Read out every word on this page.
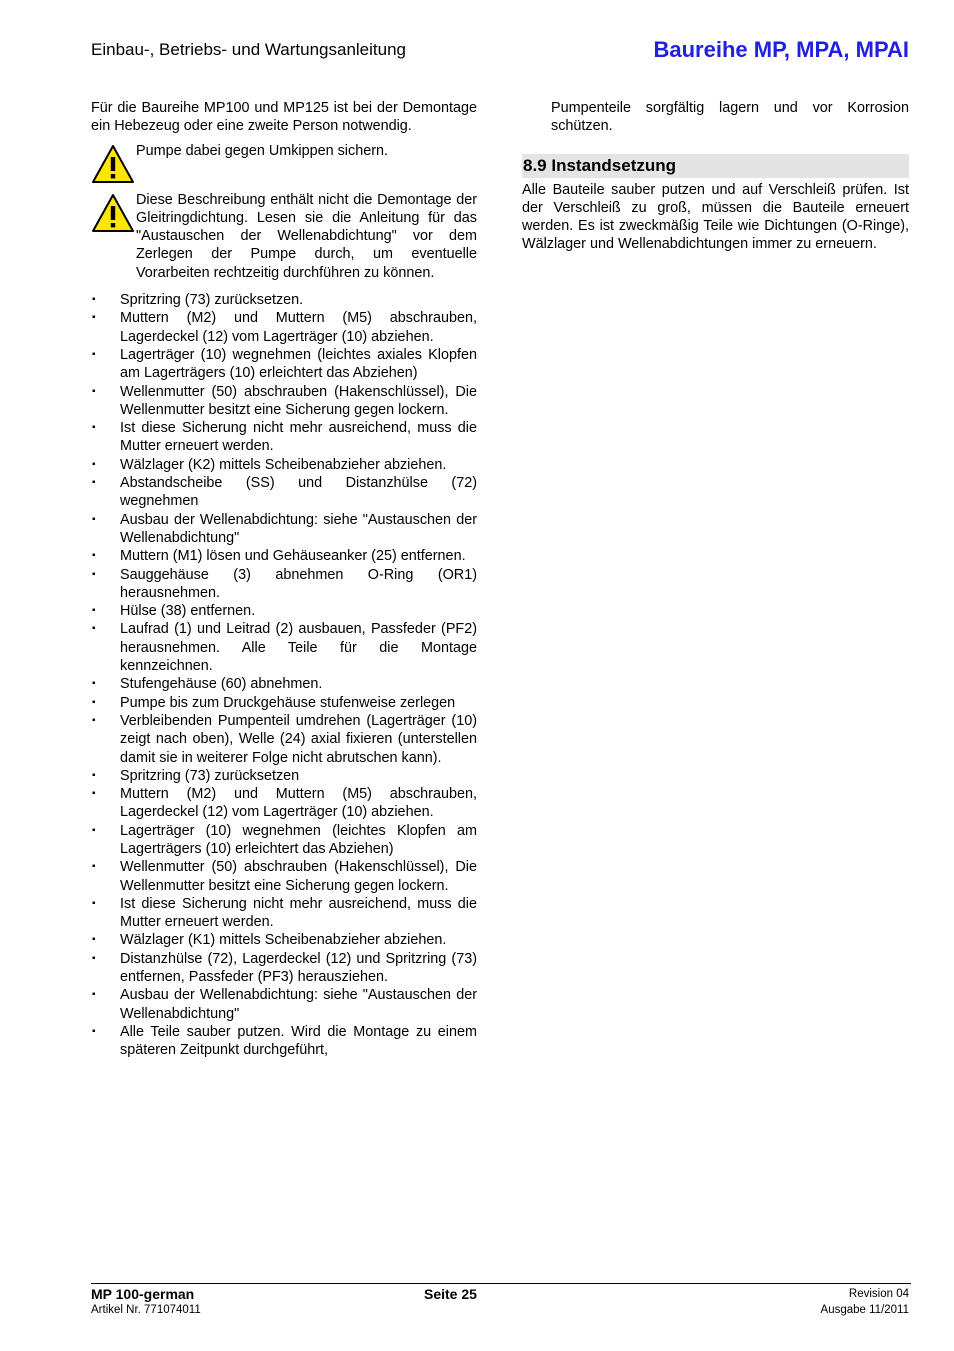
Einbau-, Betriebs- und Wartungsanleitung	Baureihe MP, MPA, MPAI

Für die Baureihe MP100 und MP125 ist bei der Demontage ein Hebezeug oder eine zweite Person notwendig.

Pumpe dabei gegen Umkippen sichern.

Diese Beschreibung enthält nicht die Demontage der Gleitringdichtung. Lesen sie die Anleitung für das "Austauschen der Wellenabdichtung" vor dem Zerlegen der Pumpe durch, um eventuelle Vorarbeiten rechtzeitig durchführen zu können.

▪ Spritzring (73) zurücksetzen.
▪ Muttern (M2) und Muttern (M5) abschrauben, Lagerdeckel (12) vom Lagerträger (10) abziehen.
▪ Lagerträger (10) wegnehmen (leichtes axiales Klopfen am Lagerträgers (10) erleichtert das Abziehen)
▪ Wellenmutter (50) abschrauben (Hakenschlüssel), Die Wellenmutter besitzt eine Sicherung gegen lockern.
▪ Ist diese Sicherung nicht mehr ausreichend, muss die Mutter erneuert werden.
▪ Wälzlager (K2) mittels Scheibenabzieher abziehen.
▪ Abstandscheibe (SS) und Distanzhülse (72) wegnehmen
▪ Ausbau der Wellenabdichtung: siehe "Austauschen der Wellenabdichtung"
▪ Muttern (M1) lösen und Gehäuseanker (25) entfernen.
▪ Sauggehäuse (3) abnehmen O-Ring (OR1) herausnehmen.
▪ Hülse (38) entfernen.
▪ Laufrad (1) und Leitrad (2) ausbauen, Passfeder (PF2) herausnehmen. Alle Teile für die Montage kennzeichnen.
▪ Stufengehäuse (60) abnehmen.
▪ Pumpe bis zum Druckgehäuse stufenweise zerlegen
▪ Verbleibenden Pumpenteil umdrehen (Lagerträger (10) zeigt nach oben), Welle (24) axial fixieren (unterstellen damit sie in weiterer Folge nicht abrutschen kann).
▪ Spritzring (73) zurücksetzen
▪ Muttern (M2) und Muttern (M5) abschrauben, Lagerdeckel (12) vom Lagerträger (10) abziehen.
▪ Lagerträger (10) wegnehmen (leichtes Klopfen am Lagerträgers (10) erleichtert das Abziehen)
▪ Wellenmutter (50) abschrauben (Hakenschlüssel), Die Wellenmutter besitzt eine Sicherung gegen lockern.
▪ Ist diese Sicherung nicht mehr ausreichend, muss die Mutter erneuert werden.
▪ Wälzlager (K1) mittels Scheibenabzieher abziehen.
▪ Distanzhülse (72), Lagerdeckel (12) und Spritzring (73) entfernen, Passfeder (PF3) herausziehen.
▪ Ausbau der Wellenabdichtung: siehe "Austauschen der Wellenabdichtung"
▪ Alle Teile sauber putzen. Wird die Montage zu einem späteren Zeitpunkt durchgeführt,

Pumpenteile sorgfältig lagern und vor Korrosion schützen.

8.9 Instandsetzung

Alle Bauteile sauber putzen und auf Verschleiß prüfen. Ist der Verschleiß zu groß, müssen die Bauteile erneuert werden. Es ist zweckmäßig Teile wie Dichtungen (O-Ringe), Wälzlager und Wellenabdichtungen immer zu erneuern.

MP 100-german
Artikel Nr. 771074011
Seite 25	Revision 04
Ausgabe 11/2011
